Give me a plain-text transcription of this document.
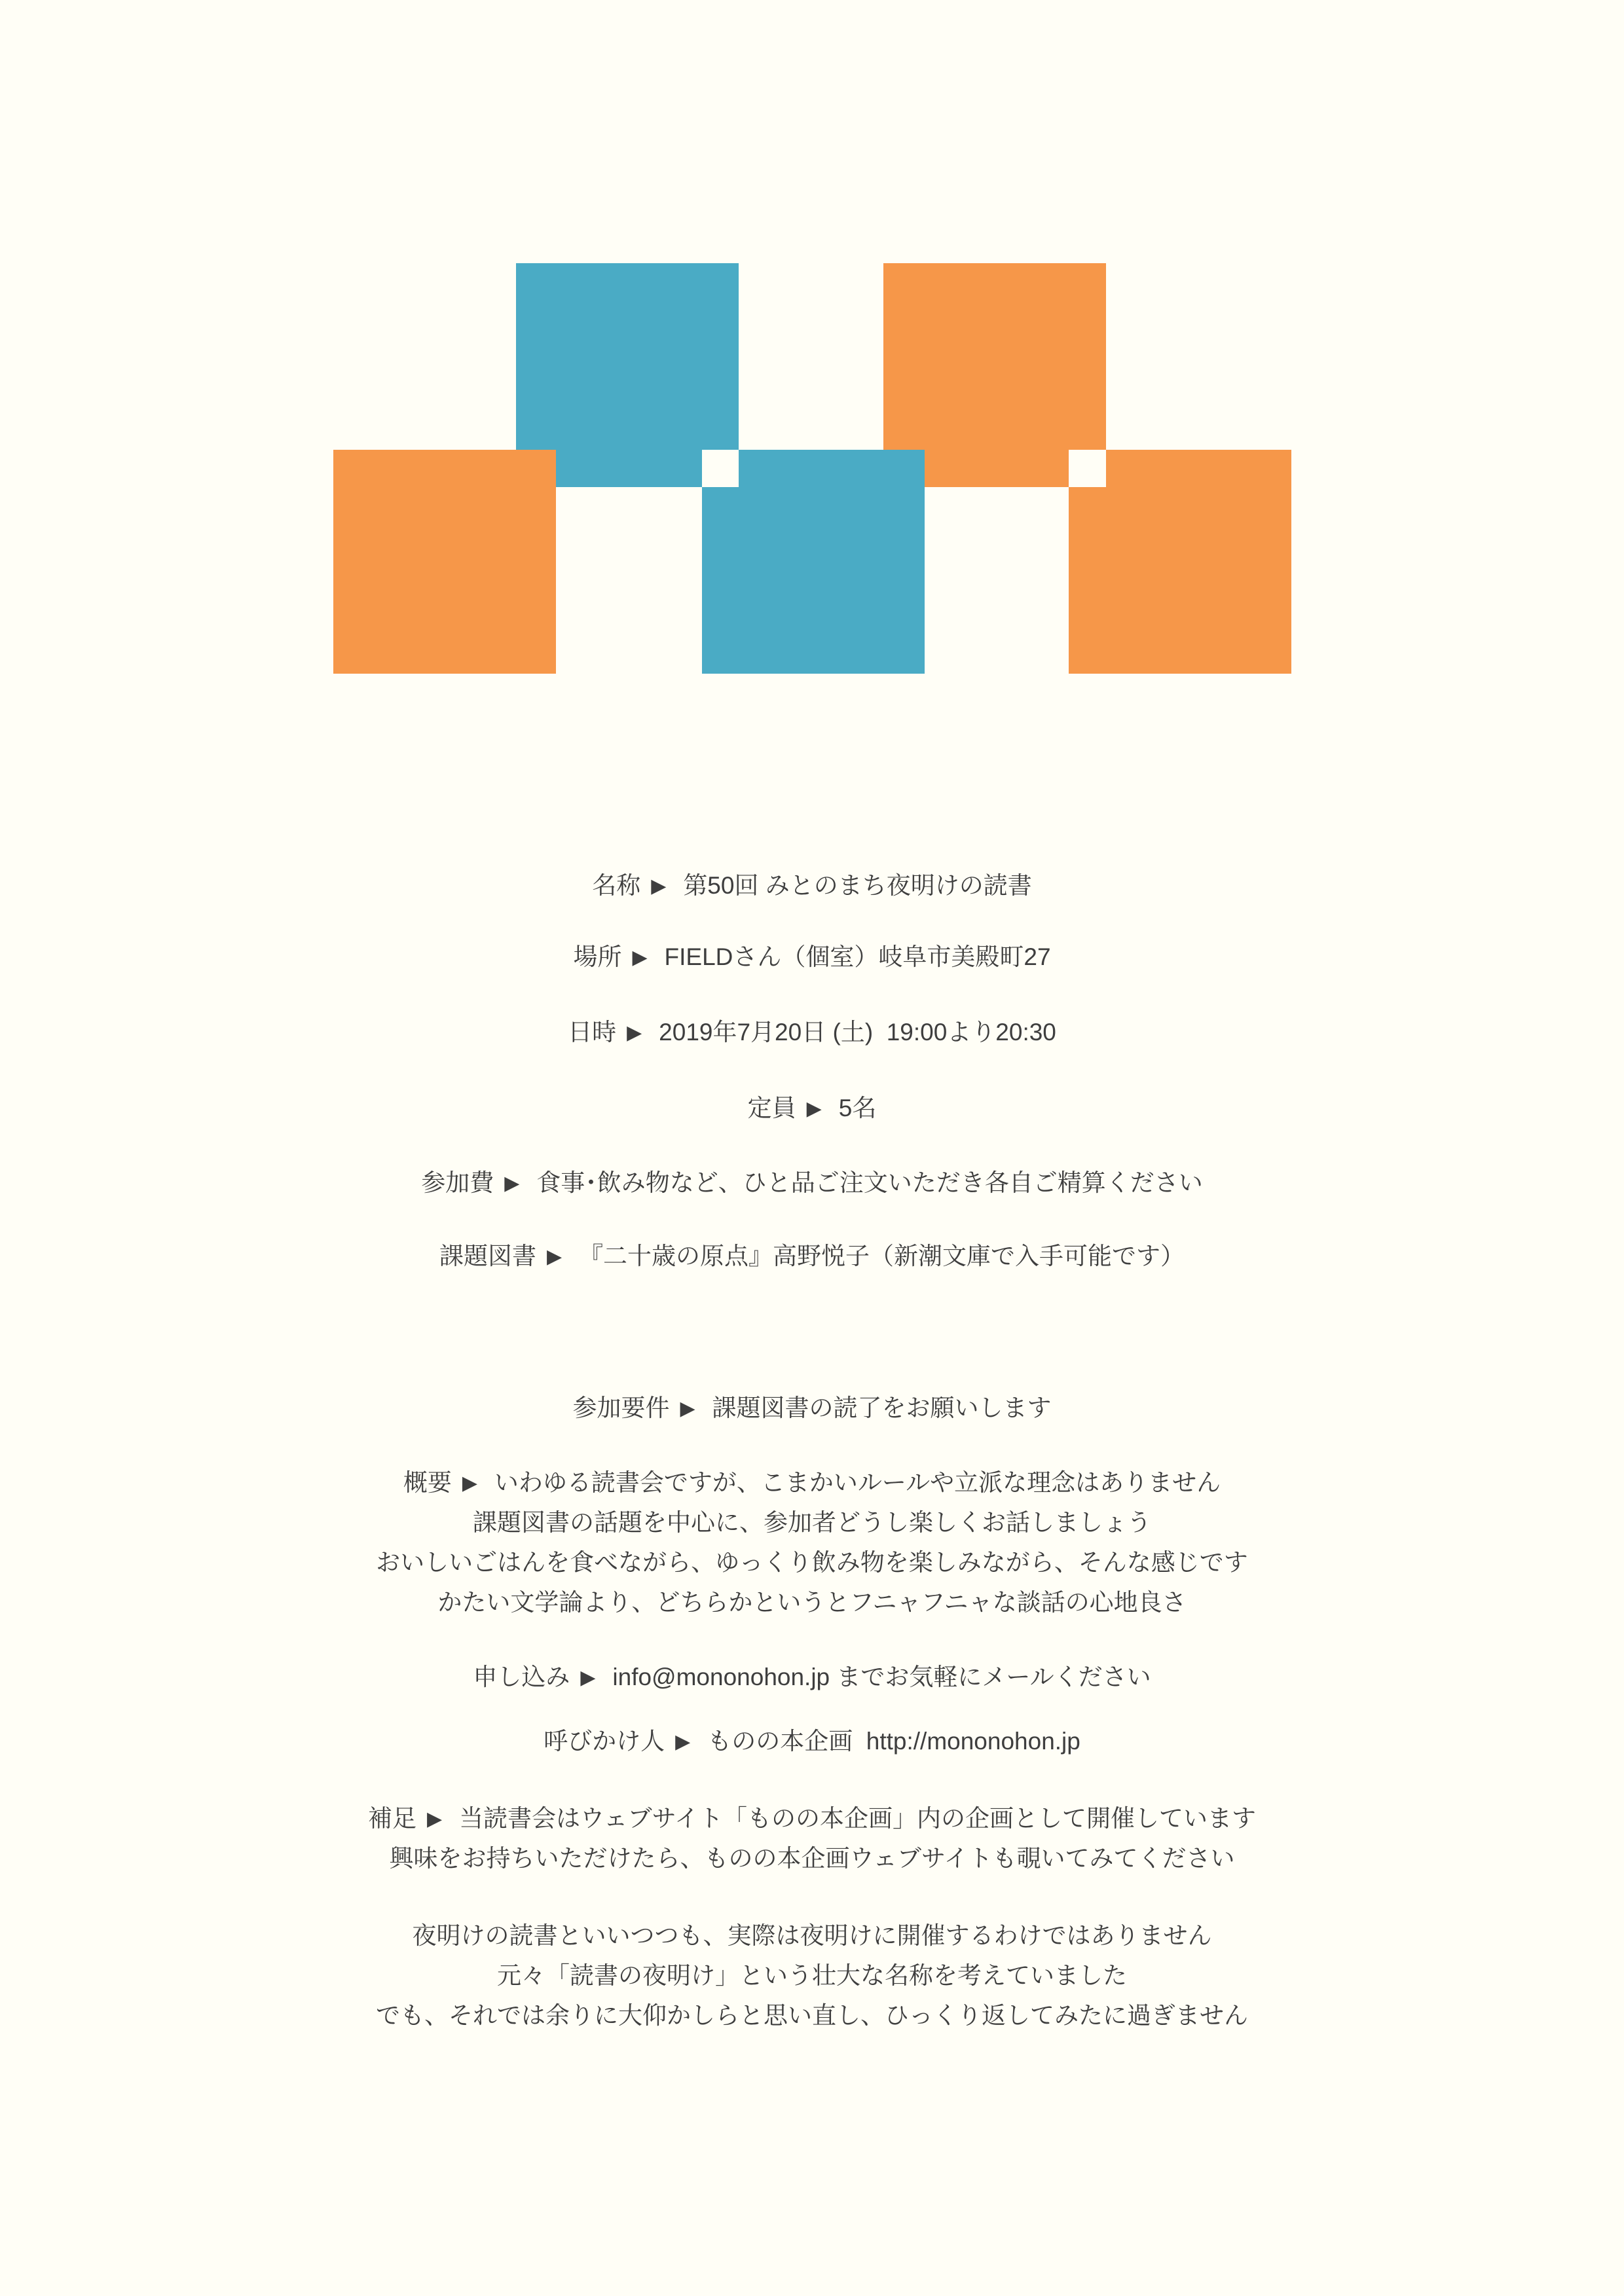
名称 ▶ 第50回 みとのまち夜明けの読書
場所 ▶ FIELDさん（個室）岐阜市美殿町27
日時 ▶ 2019年7月20日 (土)  19:00より20:30
定員 ▶ 5名
参加費 ▶ 食事･飲み物など、ひと品ご注文いただき各自ご精算ください
課題図書 ▶ 『二十歳の原点』高野悦子（新潮文庫で入手可能です）
参加要件 ▶ 課題図書の読了をお願いします
概要 ▶ いわゆる読書会ですが、こまかいルールや立派な理念はありません
課題図書の話題を中心に、参加者どうし楽しくお話しましょう
おいしいごはんを食べながら、ゆっくり飲み物を楽しみながら、そんな感じです
かたい文学論より、どちらかというとフニャフニャな談話の心地良さ
申し込み ▶ info@mononohon.jp までお気軽にメールください
呼びかけ人 ▶ ものの本企画  http://mononohon.jp
補足 ▶ 当読書会はウェブサイト「ものの本企画」内の企画として開催しています
興味をお持ちいただけたら、ものの本企画ウェブサイトも覗いてみてください
夜明けの読書といいつつも、実際は夜明けに開催するわけではありません
元々「読書の夜明け」という壮大な名称を考えていました
でも、それでは余りに大仰かしらと思い直し、ひっくり返してみたに過ぎません
